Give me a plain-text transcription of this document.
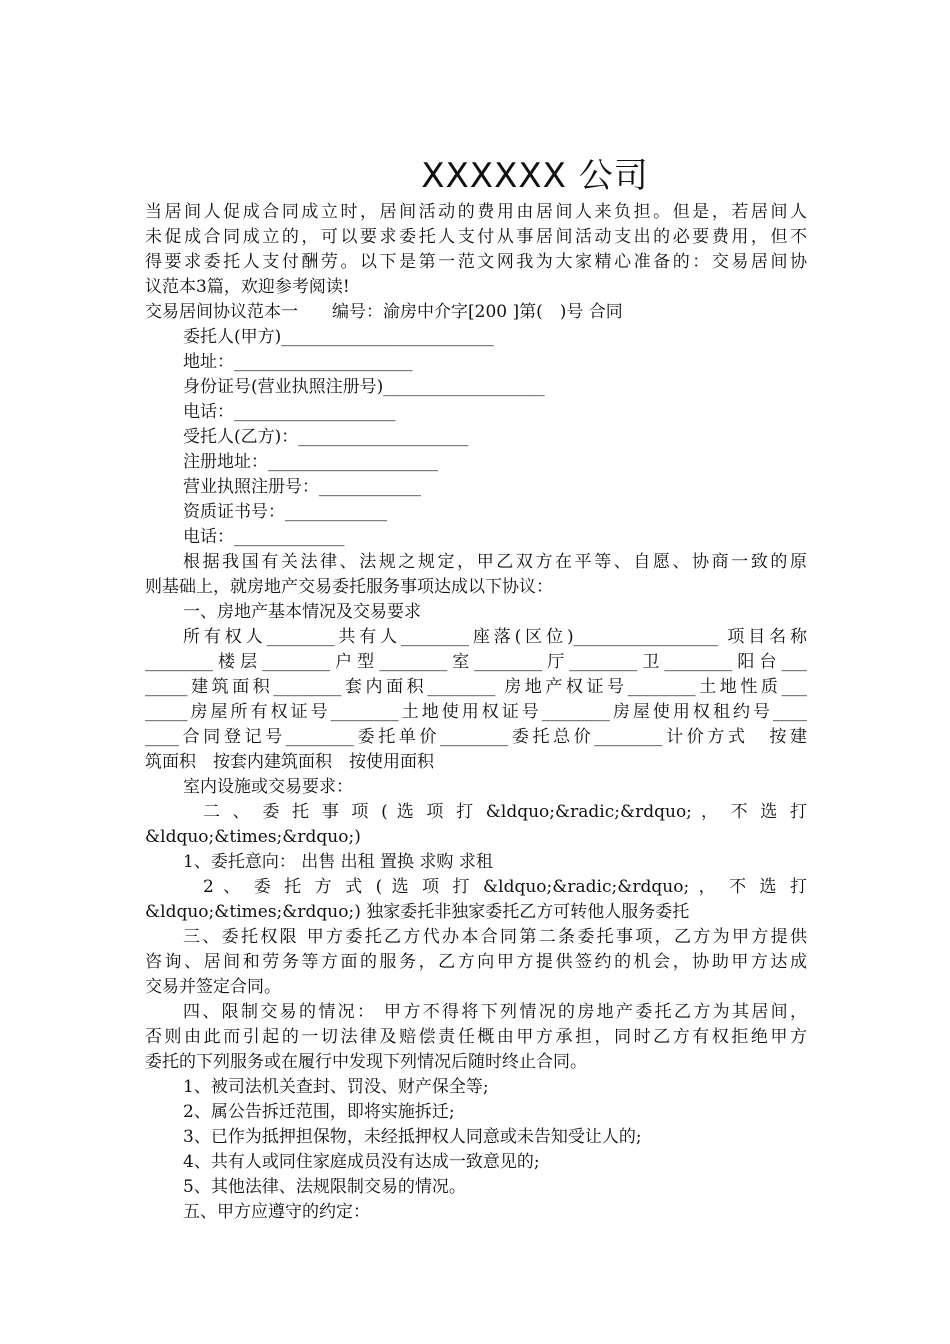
XXXXXX 公司
当居间人促成合同成立时，居间活动的费用由居间人来负担。但是，若居间人
未促成合同成立的，可以要求委托人支付从事居间活动支出的必要费用，但不
得要求委托人支付酬劳。以下是第一范文网我为大家精心准备的：交易居间协
议范本3篇，欢迎参考阅读!
交易居间协议范本一　　编号：渝房中介字[200 ]第(　)号 合同
委托人(甲方)_________________________
地址：_____________________
身份证号(营业执照注册号)___________________
电话：___________________
受托人(乙方)：____________________
注册地址：____________________
营业执照注册号：____________
资质证书号：____________
电话：_____________
根据我国有关法律、法规之规定，甲乙双方在平等、自愿、协商一致的原
则基础上，就房地产交易委托服务事项达成以下协议：
一、房地产基本情况及交易要求
所有权人________共有人________座落(区位)_________________ 项目名称
________楼层________户型________室________厅________卫________阳台___
_____建筑面积________套内面积________ 房地产权证号________土地性质___
_____房屋所有权证号________土地使用权证号________房屋使用权租约号____
____合同登记号________委托单价________委托总价________计价方式　按建
筑面积　按套内建筑面积　按使用面积
室内设施或交易要求：
二 、 委 托 事 项 ( 选 项 打 &ldquo;&radic;&rdquo; ， 不 选 打
&ldquo;&times;&rdquo;)
1、委托意向： 出售 出租 置换 求购 求租
2 、 委 托 方 式 ( 选 项 打 &ldquo;&radic;&rdquo; ， 不 选 打
&ldquo;&times;&rdquo;) 独家委托非独家委托乙方可转他人服务委托
三、委托权限 甲方委托乙方代办本合同第二条委托事项，乙方为甲方提供
咨询、居间和劳务等方面的服务，乙方向甲方提供签约的机会，协助甲方达成
交易并签定合同。
四、限制交易的情况： 甲方不得将下列情况的房地产委托乙方为其居间，
否则由此而引起的一切法律及赔偿责任概由甲方承担，同时乙方有权拒绝甲方
委托的下列服务或在履行中发现下列情况后随时终止合同。
1、被司法机关查封、罚没、财产保全等;
2、属公告拆迁范围，即将实施拆迁;
3、已作为抵押担保物，未经抵押权人同意或未告知受让人的;
4、共有人或同住家庭成员没有达成一致意见的;
5、其他法律、法规限制交易的情况。
五、甲方应遵守的约定：
